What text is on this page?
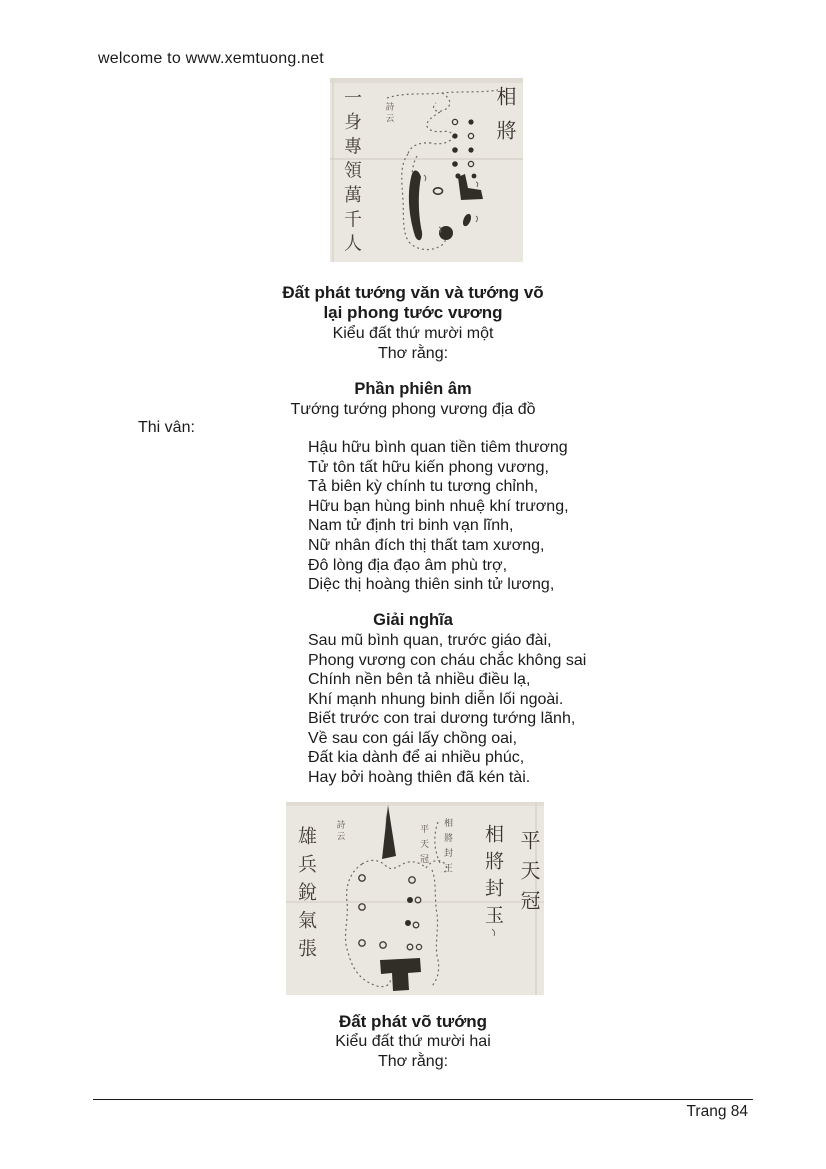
welcome to www.xemtuong.net
一身專領萬千人	詩云	相將
Đất phát tướng văn và tướng võ
lại phong tước vương
Kiểu đất thứ mười một
Thơ rằng:
Phần phiên âm
Tướng tướng phong vương địa đồ
Thi vân:
Hậu hữu bình quan tiền tiêm thương
Tử tôn tất hữu kiến phong vương,
Tả biên kỳ chính tu tương chỉnh,
Hữu bạn hùng binh nhuệ khí trương,
Nam tử định tri binh vạn lĩnh,
Nữ nhân đích thị thất tam xương,
Đô lòng địa đạo âm phù trợ,
Diệc thị hoàng thiên sinh tử lương,
Giải nghĩa
Sau mũ bình quan, trước giáo đài,
Phong vương con cháu chắc không sai
Chính nền bên tả nhiều điều lạ,
Khí mạnh nhung binh diễn lối ngoài.
Biết trước con trai dương tướng lãnh,
Về sau con gái lấy chồng oai,
Đất kia dành để ai nhiều phúc,
Hay bởi hoàng thiên đã kén tài.
雄兵銳氣張	詩云	平天冠 相將封王 相將封玉 平天冠
Đất phát võ tướng
Kiểu đất thứ mười hai
Thơ rằng:
Trang 84
